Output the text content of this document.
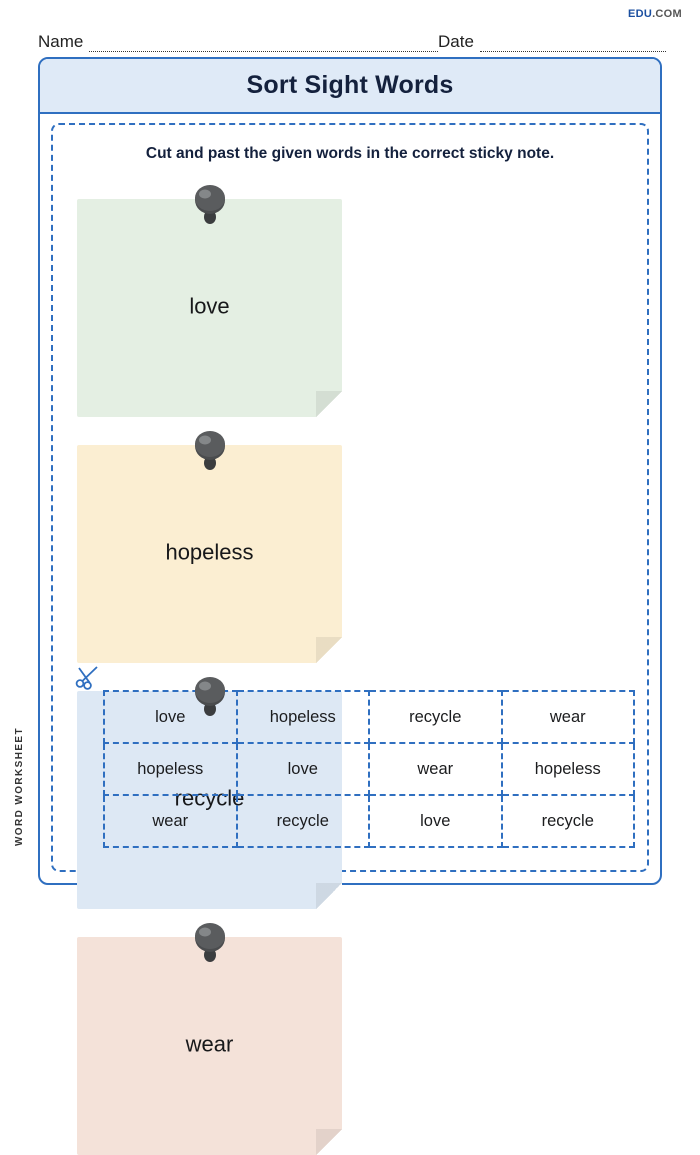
EDU.COM
Name	Date
WORD WORKSHEET
Sort Sight Words

Cut and past the given words in the correct sticky note.

love
hopeless
recycle
wear
love	hopeless	recycle	wear
hopeless	love	wear	hopeless
wear	recycle	love	recycle
